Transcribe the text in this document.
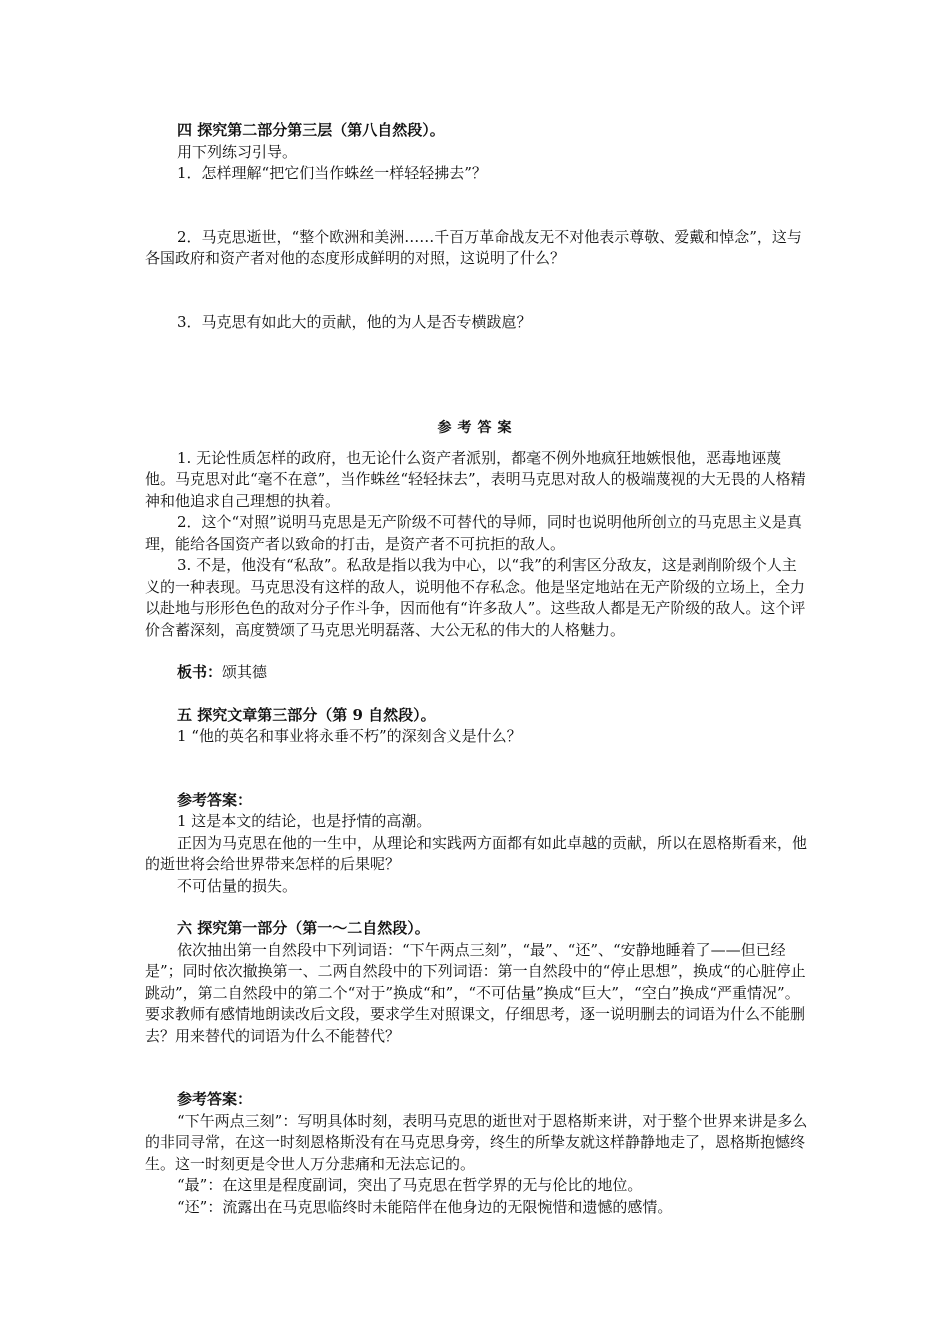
四 探究第二部分第三层（第八自然段）。

用下列练习引导。

1．怎样理解“把它们当作蛛丝一样轻轻拂去”？

2．马克思逝世，“整个欧洲和美洲……千百万革命战友无不对他表示尊敬、爱戴和悼念”，这与各国政府和资产者对他的态度形成鲜明的对照，这说明了什么？

3．马克思有如此大的贡献，他的为人是否专横跋扈？

参考答案

1. 无论性质怎样的政府，也无论什么资产者派别，都毫不例外地疯狂地嫉恨他，恶毒地诬蔑他。马克思对此“毫不在意”，当作蛛丝“轻轻抹去”，表明马克思对敌人的极端蔑视的大无畏的人格精神和他追求自己理想的执着。

2．这个“对照”说明马克思是无产阶级不可替代的导师，同时也说明他所创立的马克思主义是真理，能给各国资产者以致命的打击，是资产者不可抗拒的敌人。

3. 不是，他没有“私敌”。私敌是指以我为中心，以“我”的利害区分敌友，这是剥削阶级个人主义的一种表现。马克思没有这样的敌人，说明他不存私念。他是坚定地站在无产阶级的立场上，全力以赴地与形形色色的敌对分子作斗争，因而他有“许多敌人”。这些敌人都是无产阶级的敌人。这个评价含蓄深刻，高度赞颂了马克思光明磊落、大公无私的伟大的人格魅力。

板书：颂其德

五 探究文章第三部分（第 9 自然段）。

1 “他的英名和事业将永垂不朽”的深刻含义是什么？

参考答案：

1 这是本文的结论，也是抒情的高潮。

正因为马克思在他的一生中，从理论和实践两方面都有如此卓越的贡献，所以在恩格斯看来，他的逝世将会给世界带来怎样的后果呢？

不可估量的损失。

六 探究第一部分（第一～二自然段）。

依次抽出第一自然段中下列词语：“下午两点三刻”，“最”、“还”、“安静地睡着了——但已经是”；同时依次撤换第一、二两自然段中的下列词语：第一自然段中的“停止思想”，换成“的心脏停止跳动”，第二自然段中的第二个“对于”换成“和”，“不可估量”换成“巨大”，“空白”换成“严重情况”。要求教师有感情地朗读改后文段，要求学生对照课文，仔细思考，逐一说明删去的词语为什么不能删去？用来替代的词语为什么不能替代？

参考答案：

“下午两点三刻”：写明具体时刻，表明马克思的逝世对于恩格斯来讲，对于整个世界来讲是多么的非同寻常，在这一时刻恩格斯没有在马克思身旁，终生的所挚友就这样静静地走了，恩格斯抱憾终生。这一时刻更是令世人万分悲痛和无法忘记的。

“最”：在这里是程度副词，突出了马克思在哲学界的无与伦比的地位。

“还”：流露出在马克思临终时未能陪伴在他身边的无限惋惜和遗憾的感情。
